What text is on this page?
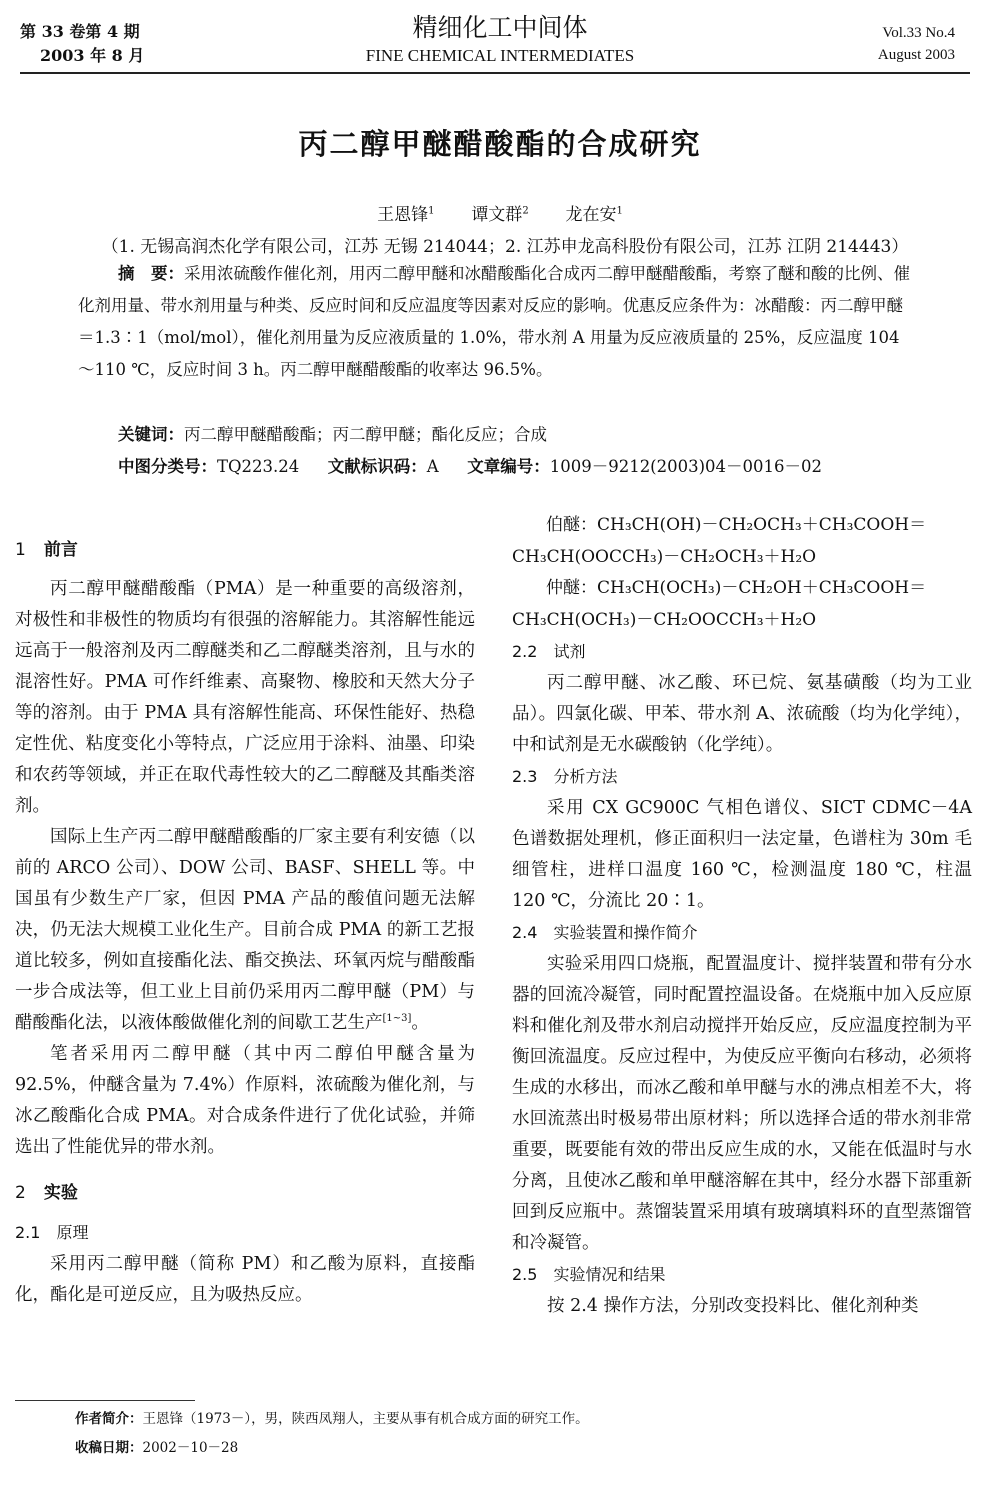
第 33 卷第 4 期
2003 年 8 月
精细化工中间体
FINE CHEMICAL INTERMEDIATES
Vol.33 No.4
August 2003
丙二醇甲醚醋酸酯的合成研究
王恩锋$^1$ 谭文群$^2$ 龙在安$^1$
（1. 无锡高润杰化学有限公司，江苏 无锡 214044；2. 江苏申龙高科股份有限公司，江苏 江阴 214443）
摘　要：采用浓硫酸作催化剂，用丙二醇甲醚和冰醋酸酯化合成丙二醇甲醚醋酸酯，考察了醚和酸的比例、催化剂用量、带水剂用量与种类、反应时间和反应温度等因素对反应的影响。优惠反应条件为：冰醋酸：丙二醇甲醚＝1.3∶1（mol/mol），催化剂用量为反应液质量的 1.0%，带水剂 A 用量为反应液质量的 25%，反应温度 104～110 ℃，反应时间 3 h。丙二醇甲醚醋酸酯的收率达 96.5%。
关键词：丙二醇甲醚醋酸酯；丙二醇甲醚；酯化反应；合成
中图分类号：TQ223.24 文献标识码：A 文章编号：1009－9212(2003)04－0016－02
1 前言

丙二醇甲醚醋酸酯（PMA）是一种重要的高级溶剂，对极性和非极性的物质均有很强的溶解能力。其溶解性能远远高于一般溶剂及丙二醇醚类和乙二醇醚类溶剂，且与水的混溶性好。PMA 可作纤维素、高聚物、橡胶和天然大分子等的溶剂。由于 PMA 具有溶解性能高、环保性能好、热稳定性优、粘度变化小等特点，广泛应用于涂料、油墨、印染和农药等领域，并正在取代毒性较大的乙二醇醚及其酯类溶剂。

国际上生产丙二醇甲醚醋酸酯的厂家主要有利安德（以前的 ARCO 公司）、DOW 公司、BASF、SHELL 等。中国虽有少数生产厂家，但因 PMA 产品的酸值问题无法解决，仍无法大规模工业化生产。目前合成 PMA 的新工艺报道比较多，例如直接酯化法、酯交换法、环氧丙烷与醋酸酯一步合成法等，但工业上目前仍采用丙二醇甲醚（PM）与醋酸酯化法，以液体酸做催化剂的间歇工艺生产[1~3]。

笔者采用丙二醇甲醚（其中丙二醇伯甲醚含量为 92.5%，仲醚含量为 7.4%）作原料，浓硫酸为催化剂，与冰乙酸酯化合成 PMA。对合成条件进行了优化试验，并筛选出了性能优异的带水剂。

2 实验
2.1 原理

采用丙二醇甲醚（简称 PM）和乙酸为原料，直接酯化，酯化是可逆反应，且为吸热反应。

伯醚：CH₃CH(OH)－CH₂OCH₃＋CH₃COOH＝

CH₃CH(OOCCH₃)－CH₂OCH₃＋H₂O

仲醚：CH₃CH(OCH₃)－CH₂OH＋CH₃COOH＝

CH₃CH(OCH₃)－CH₂OOCCH₃＋H₂O

2.2 试剂

丙二醇甲醚、冰乙酸、环已烷、氨基磺酸（均为工业品）。四氯化碳、甲苯、带水剂 A、浓硫酸（均为化学纯），中和试剂是无水碳酸钠（化学纯）。

2.3 分析方法

采用 CX GC900C 气相色谱仪、SICT CDMC－4A 色谱数据处理机，修正面积归一法定量，色谱柱为 30m 毛细管柱，进样口温度 160 ℃，检测温度 180 ℃，柱温 120 ℃，分流比 20∶1。

2.4 实验装置和操作简介

实验采用四口烧瓶，配置温度计、搅拌装置和带有分水器的回流冷凝管，同时配置控温设备。在烧瓶中加入反应原料和催化剂及带水剂启动搅拌开始反应，反应温度控制为平衡回流温度。反应过程中，为使反应平衡向右移动，必须将生成的水移出，而冰乙酸和单甲醚与水的沸点相差不大，将水回流蒸出时极易带出原材料；所以选择合适的带水剂非常重要，既要能有效的带出反应生成的水，又能在低温时与水分离，且使冰乙酸和单甲醚溶解在其中，经分水器下部重新回到反应瓶中。蒸馏装置采用填有玻璃填料环的直型蒸馏管和冷凝管。

2.5 实验情况和结果

按 2.4 操作方法，分别改变投料比、催化剂种类

作者简介：王恩锋（1973－），男，陕西凤翔人，主要从事有机合成方面的研究工作。
收稿日期：2002－10－28
